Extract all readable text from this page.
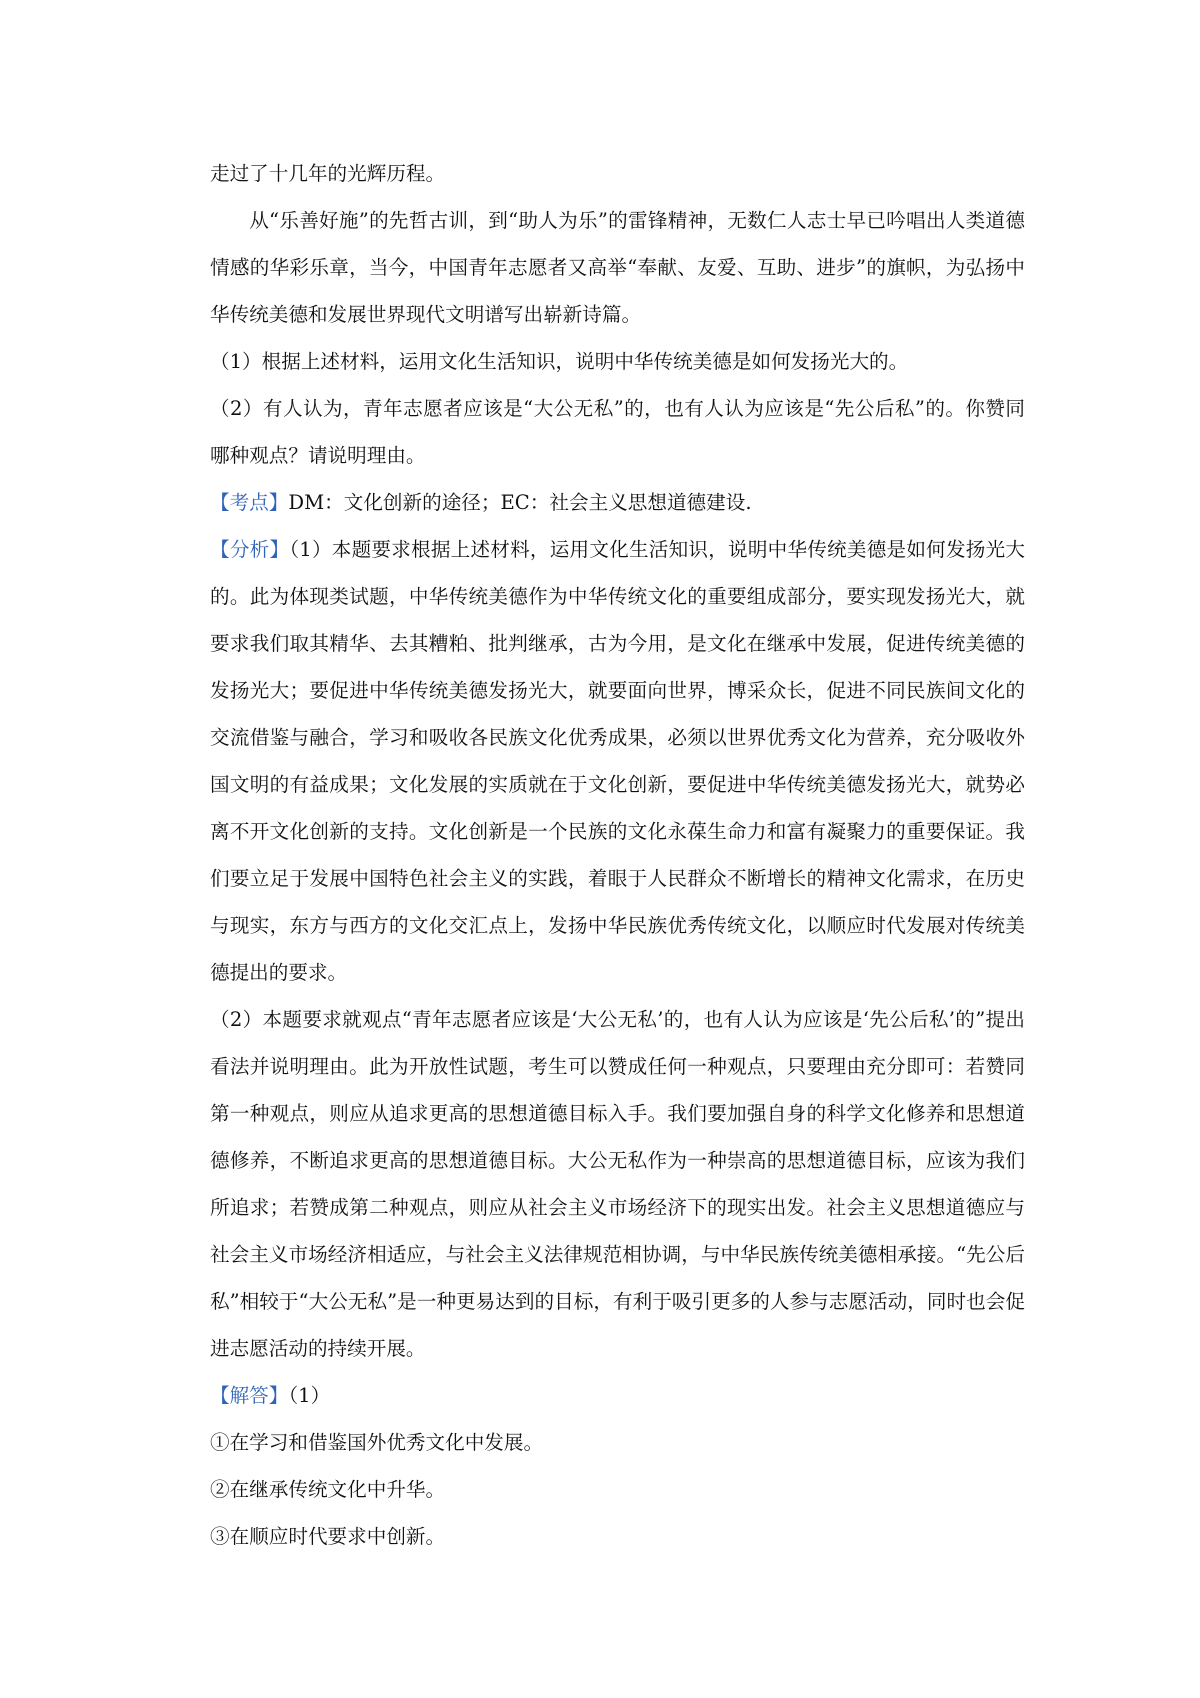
走过了十几年的光辉历程。

从“乐善好施”的先哲古训，到“助人为乐”的雷锋精神，无数仁人志士早已吟唱出人类道德情感的华彩乐章，当今，中国青年志愿者又高举“奉献、友爱、互助、进步”的旗帜，为弘扬中华传统美德和发展世界现代文明谱写出崭新诗篇。

（1）根据上述材料，运用文化生活知识，说明中华传统美德是如何发扬光大的。

（2）有人认为，青年志愿者应该是“大公无私”的，也有人认为应该是“先公后私”的。你赞同哪种观点？请说明理由。

【考点】DM：文化创新的途径；EC：社会主义思想道德建设.

【分析】（1）本题要求根据上述材料，运用文化生活知识，说明中华传统美德是如何发扬光大的。此为体现类试题，中华传统美德作为中华传统文化的重要组成部分，要实现发扬光大，就要求我们取其精华、去其糟粕、批判继承，古为今用，是文化在继承中发展，促进传统美德的发扬光大；要促进中华传统美德发扬光大，就要面向世界，博采众长，促进不同民族间文化的交流借鉴与融合，学习和吸收各民族文化优秀成果，必须以世界优秀文化为营养，充分吸收外国文明的有益成果；文化发展的实质就在于文化创新，要促进中华传统美德发扬光大，就势必离不开文化创新的支持。文化创新是一个民族的文化永葆生命力和富有凝聚力的重要保证。我们要立足于发展中国特色社会主义的实践，着眼于人民群众不断增长的精神文化需求，在历史与现实，东方与西方的文化交汇点上，发扬中华民族优秀传统文化，以顺应时代发展对传统美德提出的要求。

（2）本题要求就观点“青年志愿者应该是‘大公无私’的，也有人认为应该是‘先公后私’的”提出看法并说明理由。此为开放性试题，考生可以赞成任何一种观点，只要理由充分即可：若赞同第一种观点，则应从追求更高的思想道德目标入手。我们要加强自身的科学文化修养和思想道德修养，不断追求更高的思想道德目标。大公无私作为一种崇高的思想道德目标，应该为我们所追求；若赞成第二种观点，则应从社会主义市场经济下的现实出发。社会主义思想道德应与社会主义市场经济相适应，与社会主义法律规范相协调，与中华民族传统美德相承接。“先公后私”相较于“大公无私”是一种更易达到的目标，有利于吸引更多的人参与志愿活动，同时也会促进志愿活动的持续开展。

【解答】（1）

①在学习和借鉴国外优秀文化中发展。

②在继承传统文化中升华。

③在顺应时代要求中创新。
